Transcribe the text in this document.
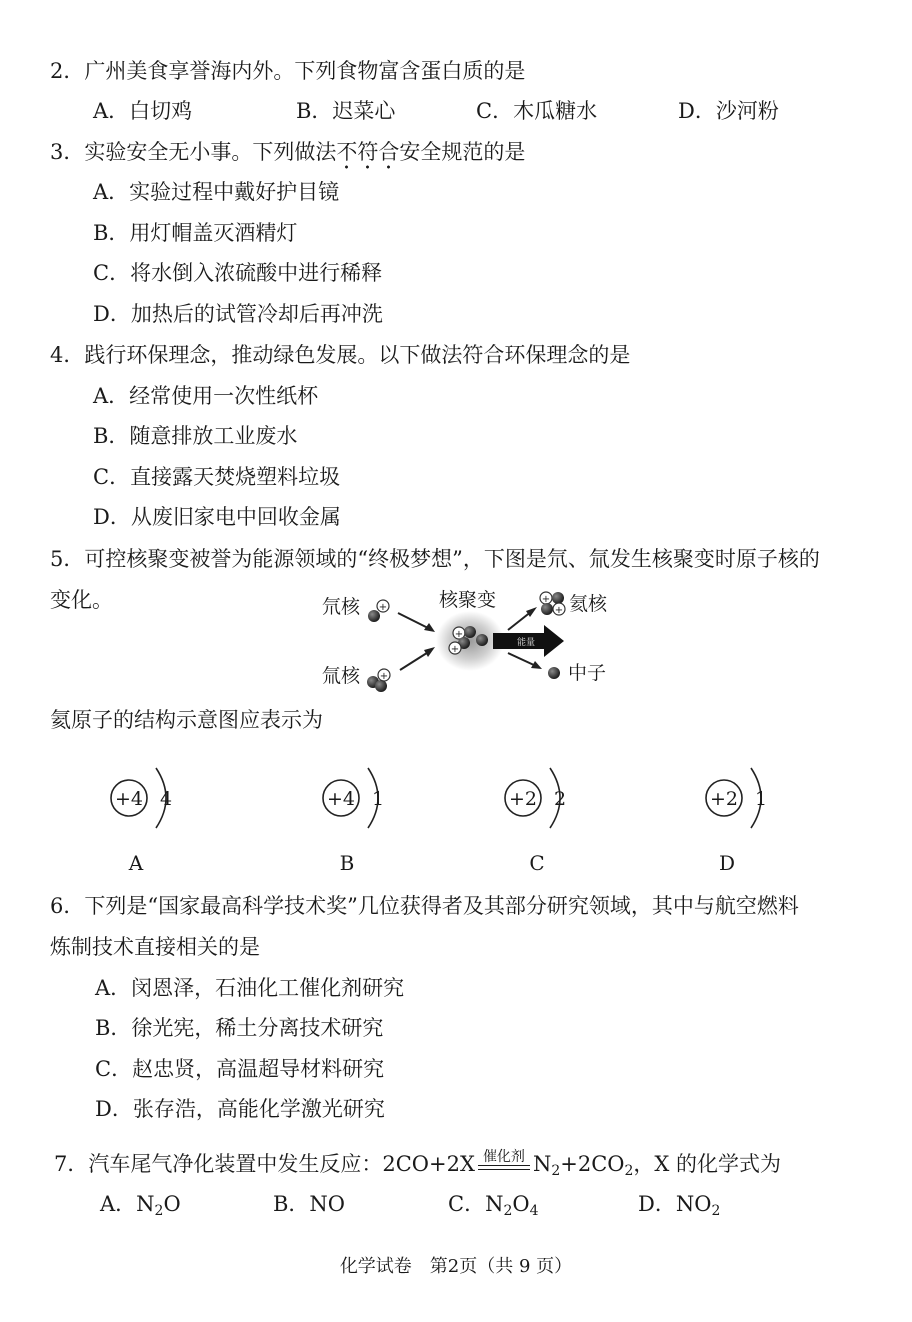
2．广州美食享誉海内外。下列食物富含蛋白质的是
A．白切鸡	B．迟菜心	C．木瓜糖水	D．沙河粉
3．实验安全无小事。下列做法不符合安全规范的是
A．实验过程中戴好护目镜
B．用灯帽盖灭酒精灯
C．将水倒入浓硫酸中进行稀释
D．加热后的试管冷却后再冲洗
4．践行环保理念，推动绿色发展。以下做法符合环保理念的是
A．经常使用一次性纸杯
B．随意排放工业废水
C．直接露天焚烧塑料垃圾
D．从废旧家电中回收金属
5．可控核聚变被誉为能源领域的“终极梦想”，下图是氘、氚发生核聚变时原子核的
变化。	氘核
氚核
核聚变	氦核
中子
+
+
+
+
能量
+
+
氦原子的结构示意图应表示为
+4 4	+4 1	+2 2	+2 1
A	B	C	D
6．下列是“国家最高科学技术奖”几位获得者及其部分研究领域，其中与航空燃料
炼制技术直接相关的是
A．闵恩泽，石油化工催化剂研究
B．徐光宪，稀土分离技术研究
C．赵忠贤，高温超导材料研究
D．张存浩，高能化学激光研究
7．汽车尾气净化装置中发生反应：2CO+2X 催化剂 $N_2+2CO_2$，X 的化学式为
A．$N_2O$	B．NO	C．$N_2O_4$	D．$NO_2$
化学试卷　第2页（共 9 页）
